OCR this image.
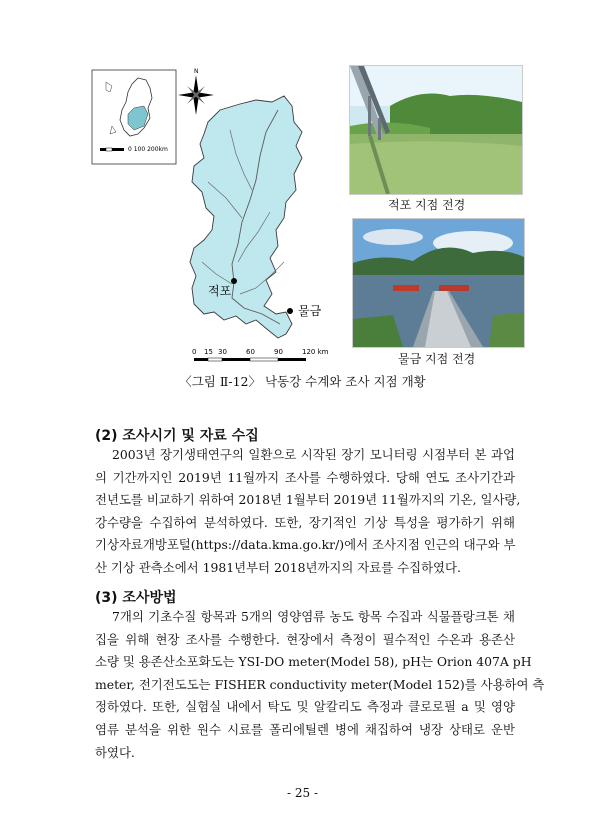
0 100 200km
N
적포
물금
0 15 30	60	90	120 km
적포 지점 전경
물금 지점 전경
〈그림 Ⅱ-12〉 낙동강 수계와 조사 지점 개황
(2) 조사시기 및 자료 수집
2003년 장기생태연구의 일환으로 시작된 장기 모니터링 시점부터 본 과업
의 기간까지인 2019년 11월까지 조사를 수행하였다. 당해 연도 조사기간과
전년도를 비교하기 위하여 2018년 1월부터 2019년 11월까지의 기온, 일사량,
강수량을 수집하여 분석하였다. 또한, 장기적인 기상 특성을 평가하기 위해
기상자료개방포털(https://data.kma.go.kr/)에서 조사지점 인근의 대구와 부
산 기상 관측소에서 1981년부터 2018년까지의 자료를 수집하였다.
(3) 조사방법
7개의 기초수질 항목과 5개의 영양염류 농도 항목 수집과 식물플랑크톤 채
집을 위해 현장 조사를 수행한다. 현장에서 측정이 필수적인 수온과 용존산
소량 및 용존산소포화도는 YSI-DO meter(Model 58), pH는 Orion 407A pH
meter, 전기전도도는 FISHER conductivity meter(Model 152)를 사용하여 측
정하였다. 또한, 실험실 내에서 탁도 및 알칼리도 측정과 클로로필 a 및 영양
염류 분석을 위한 원수 시료를 폴리에틸렌 병에 채집하여 냉장 상태로 운반
하였다.
- 25 -
